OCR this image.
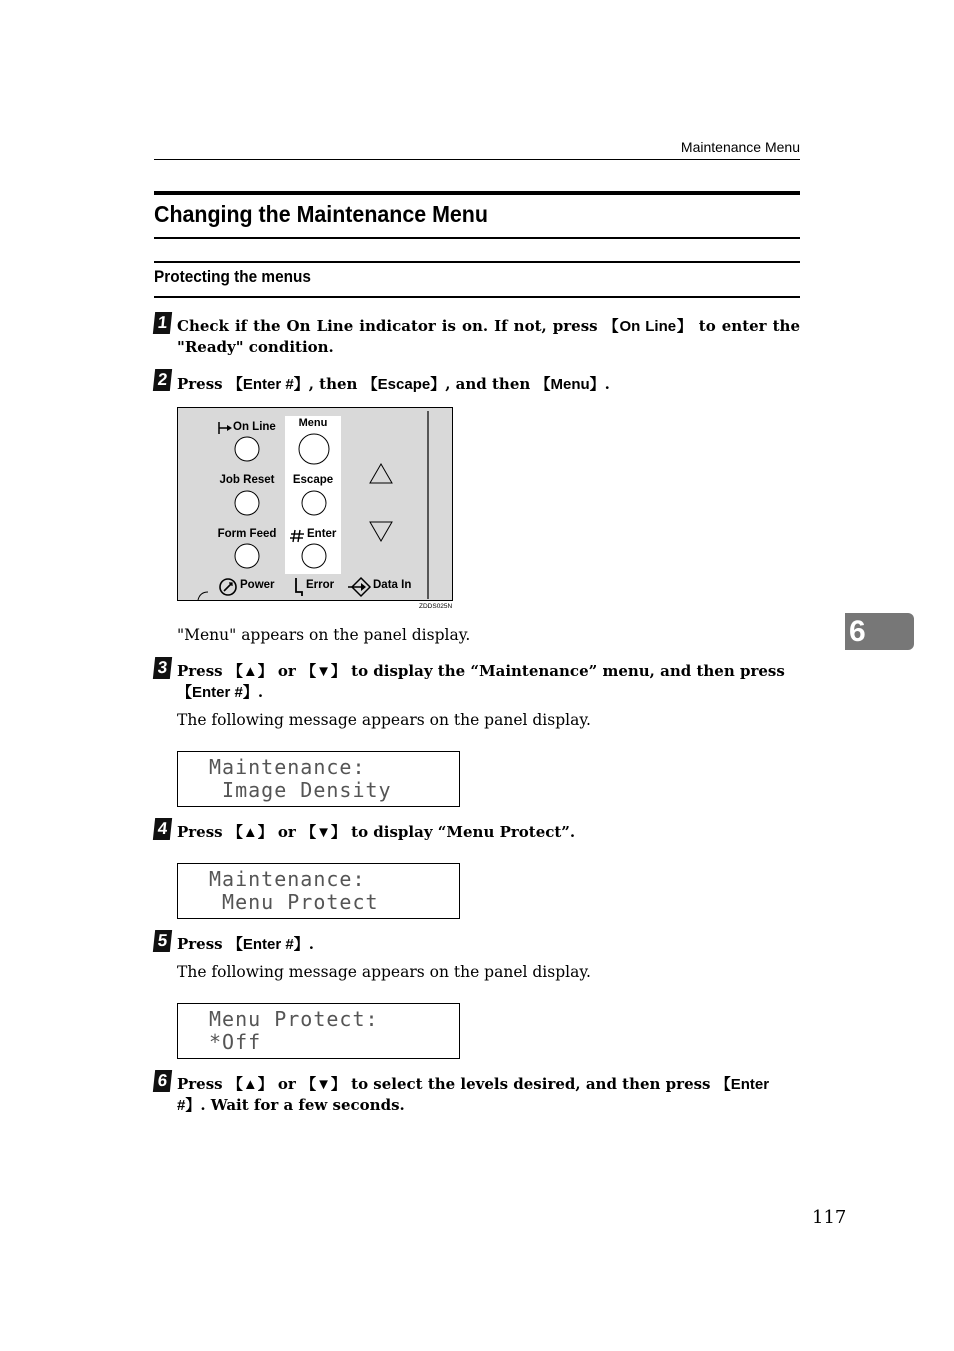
Maintenance Menu
Changing the Maintenance Menu
Protecting the menus
1 Check if the On Line indicator is on. If not, press 【On Line】 to enter the "Ready" condition.
2 Press 【Enter #】, then 【Escape】, and then 【Menu】.
On Line	Menu
Job Reset	Escape
Form Feed	Enter
Power	Error	Data In
ZDDS025N
"Menu" appears on the panel display.	6
3 Press 【▲】 or 【▼】 to display the “Maintenance” menu, and then press 【Enter #】.
The following message appears on the panel display.
Maintenance:
Image Density
4 Press 【▲】 or 【▼】 to display “Menu Protect”.
Maintenance:
Menu Protect
5 Press 【Enter #】.
The following message appears on the panel display.
Menu Protect:
*Off
6 Press 【▲】 or 【▼】 to select the levels desired, and then press 【Enter #】. Wait for a few seconds.
117
